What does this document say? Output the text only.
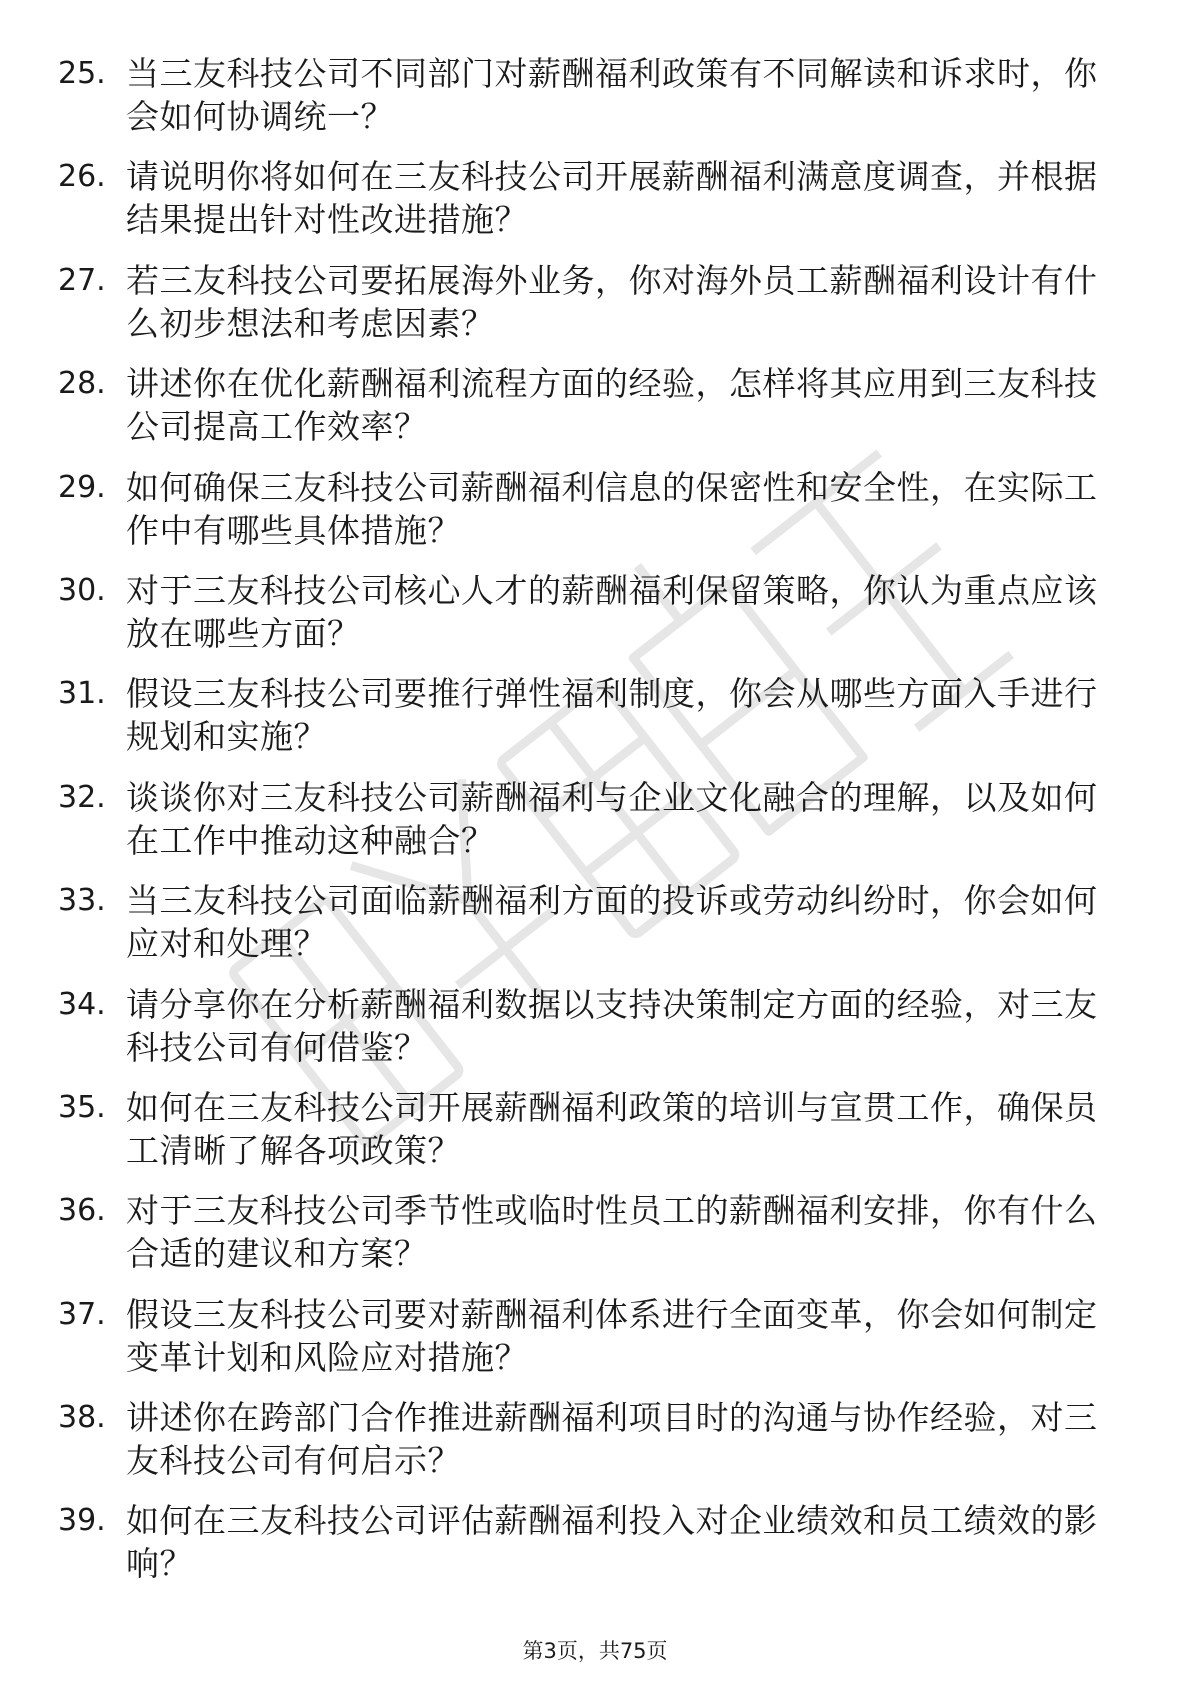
25. 当三友科技公司不同部门对薪酬福利政策有不同解读和诉求时，你会如何协调统一？
26. 请说明你将如何在三友科技公司开展薪酬福利满意度调查，并根据结果提出针对性改进措施？
27. 若三友科技公司要拓展海外业务，你对海外员工薪酬福利设计有什么初步想法和考虑因素？
28. 讲述你在优化薪酬福利流程方面的经验，怎样将其应用到三友科技公司提高工作效率？
29. 如何确保三友科技公司薪酬福利信息的保密性和安全性，在实际工作中有哪些具体措施？
30. 对于三友科技公司核心人才的薪酬福利保留策略，你认为重点应该放在哪些方面？
31. 假设三友科技公司要推行弹性福利制度，你会从哪些方面入手进行规划和实施？
32. 谈谈你对三友科技公司薪酬福利与企业文化融合的理解，以及如何在工作中推动这种融合？
33. 当三友科技公司面临薪酬福利方面的投诉或劳动纠纷时，你会如何应对和处理？
34. 请分享你在分析薪酬福利数据以支持决策制定方面的经验，对三友科技公司有何借鉴？
35. 如何在三友科技公司开展薪酬福利政策的培训与宣贯工作，确保员工清晰了解各项政策？
36. 对于三友科技公司季节性或临时性员工的薪酬福利安排，你有什么合适的建议和方案？
37. 假设三友科技公司要对薪酬福利体系进行全面变革，你会如何制定变革计划和风险应对措施？
38. 讲述你在跨部门合作推进薪酬福利项目时的沟通与协作经验，对三友科技公司有何启示？
39. 如何在三友科技公司评估薪酬福利投入对企业绩效和员工绩效的影响？
第3页，共75页
